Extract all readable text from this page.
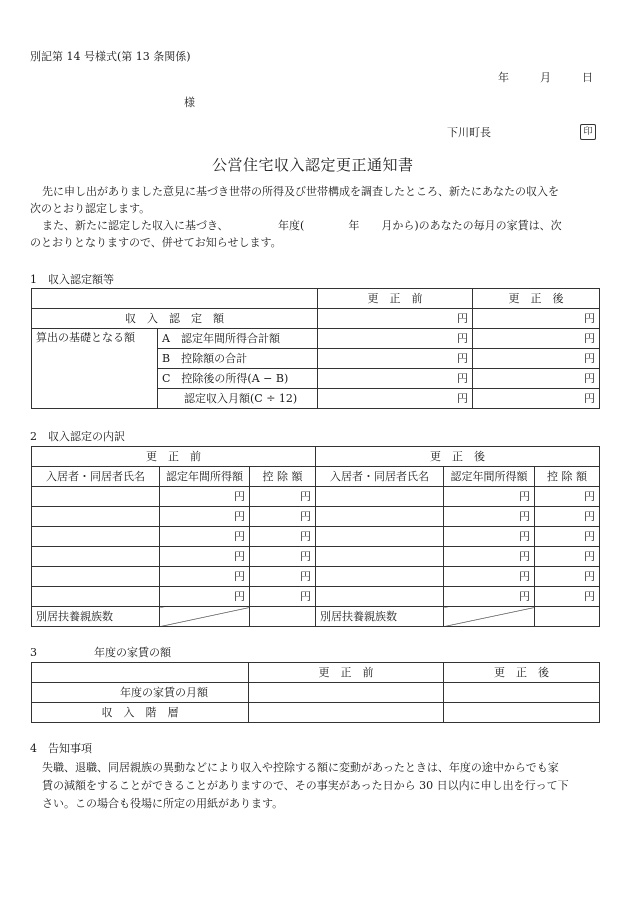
別記第 14 号様式(第 13 条関係)
年	月	日
様
下川町長	印
公営住宅収入認定更正通知書
先に申し出がありました意見に基づき世帯の所得及び世帯構成を調査したところ、新たにあなたの収入を
次のとおり認定します。
また、新たに認定した収入に基づき、　　　　　年度(　　　　年　　月から)のあなたの毎月の家賃は、次
のとおりとなりますので、併せてお知らせします。
1　収入認定額等
		更　正　前	更　正　後
収　入　認　定　額		円	円
算出の基礎となる額	A　認定年間所得合計額	円	円
	B　控除額の合計	円	円
	C　控除後の所得(A − B)	円	円
	認定収入月額(C ÷ 12)	円	円
2　収入認定の内訳
更　正　前			更　正　後		
入居者・同居者氏名	認定年間所得額	控 除 額	入居者・同居者氏名	認定年間所得額	控 除 額
	円	円		円	円
	円	円		円	円
	円	円		円	円
	円	円		円	円
	円	円		円	円
	円	円		円	円
別居扶養親族数			別居扶養親族数		
3	年度の家賃の額
	更　正　前	更　正　後
年度の家賃の月額		
収　入　階　層		
4　告知事項
失職、退職、同居親族の異動などにより収入や控除する額に変動があったときは、年度の途中からでも家
賃の減額をすることができることがありますので、その事実があった日から 30 日以内に申し出を行って下
さい。この場合も役場に所定の用紙があります。
